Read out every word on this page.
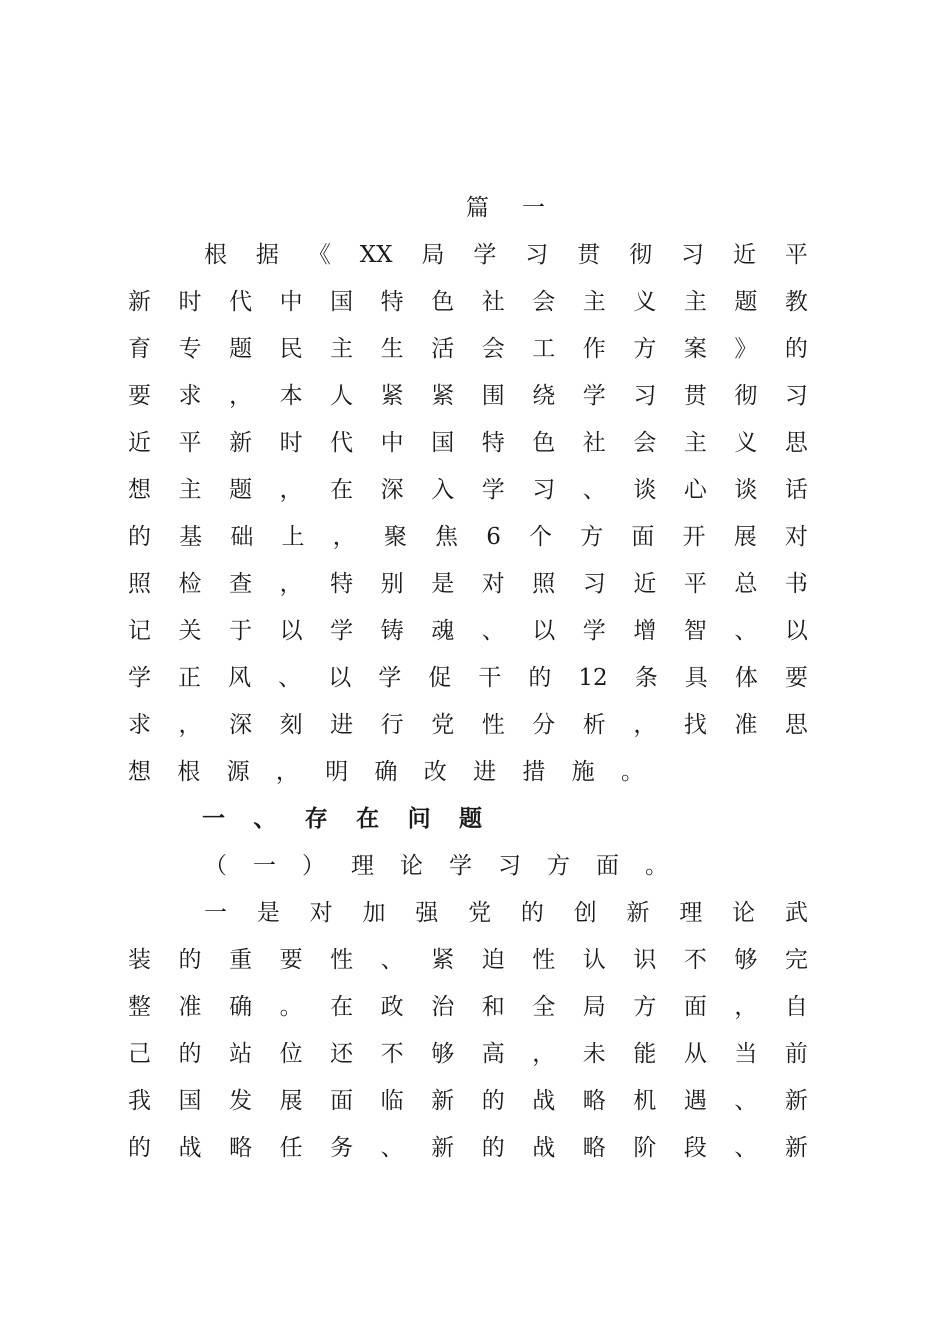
篇 一
根 据 《 XX 局 学 习 贯 彻 习 近 平
新 时 代 中 国 特 色 社 会 主 义 主 题 教
育 专 题 民 主 生 活 会 工 作 方 案 》 的
要 求 ， 本 人 紧 紧 围 绕 学 习 贯 彻 习
近 平 新 时 代 中 国 特 色 社 会 主 义 思
想 主 题 ， 在 深 入 学 习 、 谈 心 谈 话
的 基 础 上 ， 聚 焦 6 个 方 面 开 展 对
照 检 查 ， 特 别 是 对 照 习 近 平 总 书
记 关 于 以 学 铸 魂 、 以 学 增 智 、 以
学 正 风 、 以 学 促 干 的 12 条 具 体 要
求 ， 深 刻 进 行 党 性 分 析 ， 找 准 思
想 根 源 ， 明 确 改 进 措 施 。
一 、 存 在 问 题
（ 一 ） 理 论 学 习 方 面 。
一 是 对 加 强 党 的 创 新 理 论 武
装 的 重 要 性 、 紧 迫 性 认 识 不 够 完
整 准 确 。 在 政 治 和 全 局 方 面 ， 自
己 的 站 位 还 不 够 高 ， 未 能 从 当 前
我 国 发 展 面 临 新 的 战 略 机 遇 、 新
的 战 略 任 务 、 新 的 战 略 阶 段 、 新
